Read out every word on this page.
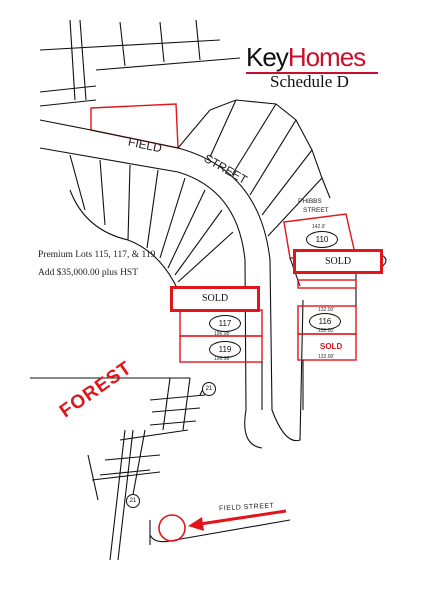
KeyHomes
Schedule D
FIELD
STREET
PHIBBS
STREET
Premium Lots 115, 117, & 119
Add $35,000.00 plus HST
SOLD
SOLD
110
116
117
119	SOLD
142.9'
132.00'
132.00'
196.98'
196.98'	132.00'
FOREST	21
21
FIELD STREET
